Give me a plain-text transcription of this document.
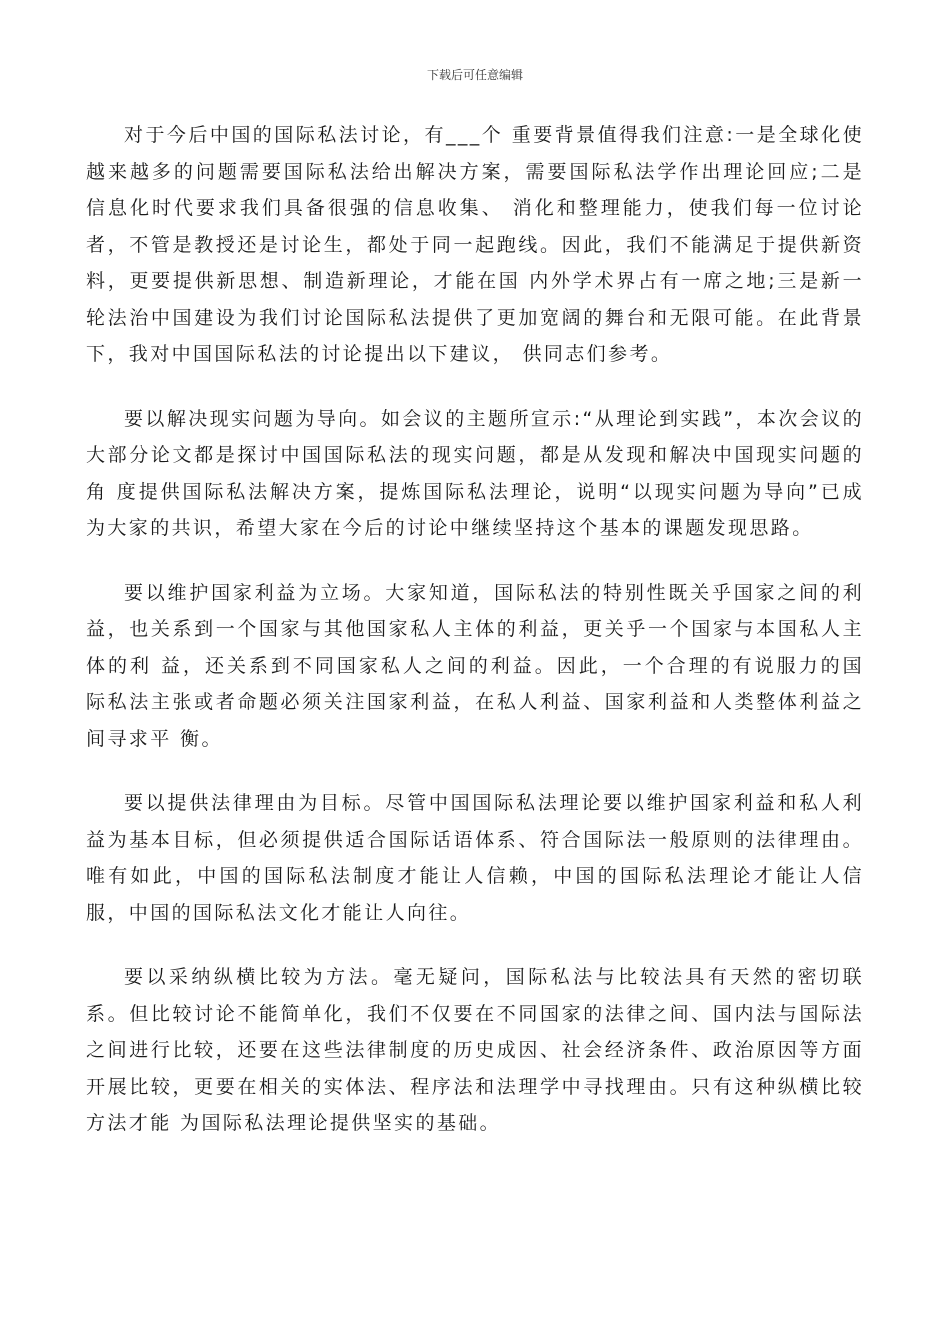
下载后可任意编辑

对于今后中国的国际私法讨论，有___个 重要背景值得我们注意:一是全球化使越来越多的问题需要国际私法给出解决方案，需要国际私法学作出理论回应;二是信息化时代要求我们具备很强的信息收集、 消化和整理能力，使我们每一位讨论者，不管是教授还是讨论生，都处于同一起跑线。因此，我们不能满足于提供新资料，更要提供新思想、制造新理论，才能在国 内外学术界占有一席之地;三是新一轮法治中国建设为我们讨论国际私法提供了更加宽阔的舞台和无限可能。在此背景下，我对中国国际私法的讨论提出以下建议， 供同志们参考。

要以解决现实问题为导向。如会议的主题所宣示:“从理论到实践”，本次会议的大部分论文都是探讨中国国际私法的现实问题，都是从发现和解决中国现实问题的角 度提供国际私法解决方案，提炼国际私法理论，说明“以现实问题为导向”已成为大家的共识，希望大家在今后的讨论中继续坚持这个基本的课题发现思路。

要以维护国家利益为立场。大家知道，国际私法的特别性既关乎国家之间的利益，也关系到一个国家与其他国家私人主体的利益，更关乎一个国家与本国私人主体的利 益，还关系到不同国家私人之间的利益。因此，一个合理的有说服力的国际私法主张或者命题必须关注国家利益，在私人利益、国家利益和人类整体利益之间寻求平 衡。

要以提供法律理由为目标。尽管中国国际私法理论要以维护国家利益和私人利益为基本目标，但必须提供适合国际话语体系、符合国际法一般原则的法律理由。唯有如此，中国的国际私法制度才能让人信赖，中国的国际私法理论才能让人信服，中国的国际私法文化才能让人向往。

要以采纳纵横比较为方法。毫无疑问，国际私法与比较法具有天然的密切联系。但比较讨论不能简单化，我们不仅要在不同国家的法律之间、国内法与国际法之间进行比较，还要在这些法律制度的历史成因、社会经济条件、政治原因等方面开展比较，更要在相关的实体法、程序法和法理学中寻找理由。只有这种纵横比较方法才能 为国际私法理论提供坚实的基础。
